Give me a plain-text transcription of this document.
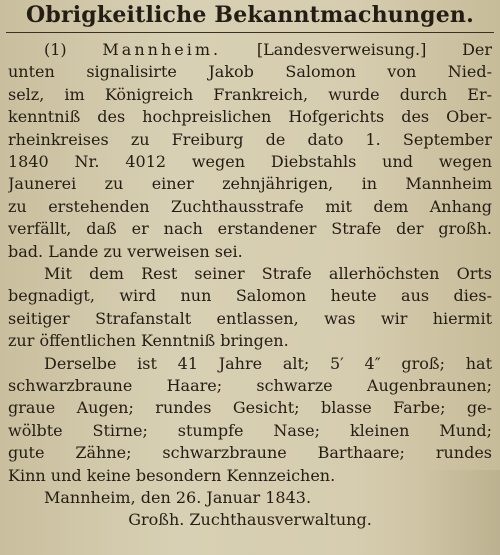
Obrigkeitliche Bekanntmachungen.
(1) Mannheim. [Landesverweisung.] Der
unten signalisirte Jakob Salomon von Nied-
selz, im Königreich Frankreich, wurde durch Er-
kenntniß des hochpreislichen Hofgerichts des Ober-
rheinkreises zu Freiburg de dato 1. September
1840 Nr. 4012 wegen Diebstahls und wegen
Jaunerei zu einer zehnjährigen, in Mannheim
zu erstehenden Zuchthausstrafe mit dem Anhang
verfällt, daß er nach erstandener Strafe der großh.
bad. Lande zu verweisen sei.
Mit dem Rest seiner Strafe allerhöchsten Orts
begnadigt, wird nun Salomon heute aus dies-
seitiger Strafanstalt entlassen, was wir hiermit
zur öffentlichen Kenntniß bringen.
Derselbe ist 41 Jahre alt; 5′ 4″ groß; hat
schwarzbraune Haare; schwarze Augenbraunen;
graue Augen; rundes Gesicht; blasse Farbe; ge-
wölbte Stirne; stumpfe Nase; kleinen Mund;
gute Zähne; schwarzbraune Barthaare; rundes
Kinn und keine besondern Kennzeichen.
Mannheim, den 26. Januar 1843.
Großh. Zuchthausverwaltung.
